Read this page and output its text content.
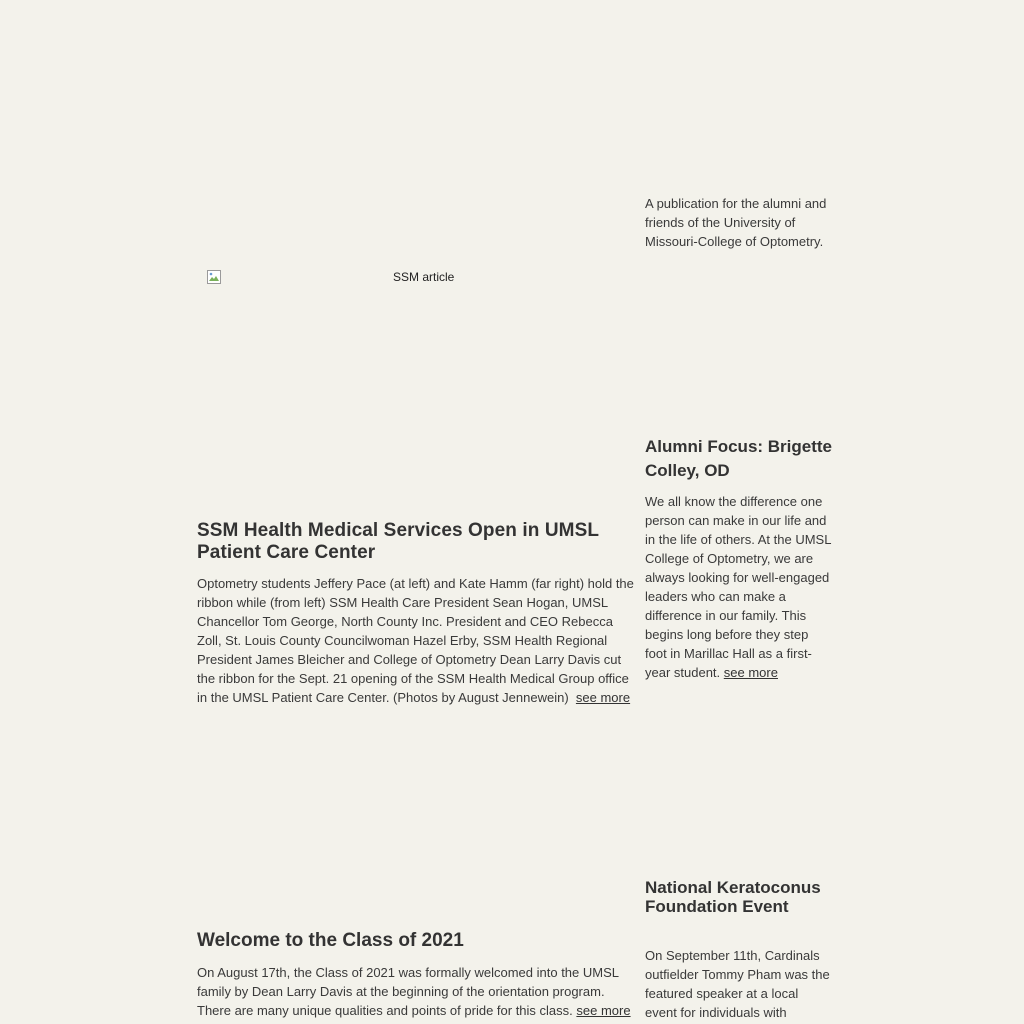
A publication for the alumni and friends of the University of Missouri-College of Optometry.
SSM article
SSM Health Medical Services Open in UMSL Patient Care Center
Optometry students Jeffery Pace (at left) and Kate Hamm (far right) hold the ribbon while (from left) SSM Health Care President Sean Hogan, UMSL Chancellor Tom George, North County Inc. President and CEO Rebecca Zoll, St. Louis County Councilwoman Hazel Erby, SSM Health Regional President James Bleicher and College of Optometry Dean Larry Davis cut the ribbon for the Sept. 21 opening of the SSM Health Medical Group office in the UMSL Patient Care Center. (Photos by August Jennewein) see more
Alumni Focus: Brigette Colley, OD
We all know the difference one person can make in our life and in the life of others. At the UMSL College of Optometry, we are always looking for well-engaged leaders who can make a difference in our family. This begins long before they step foot in Marillac Hall as a first-year student. see more
Welcome to the Class of 2021
On August 17th, the Class of 2021 was formally welcomed into the UMSL family by Dean Larry Davis at the beginning of the orientation program. There are many unique qualities and points of pride for this class. see more
National Keratoconus Foundation Event
On September 11th, Cardinals outfielder Tommy Pham was the featured speaker at a local event for individuals with
